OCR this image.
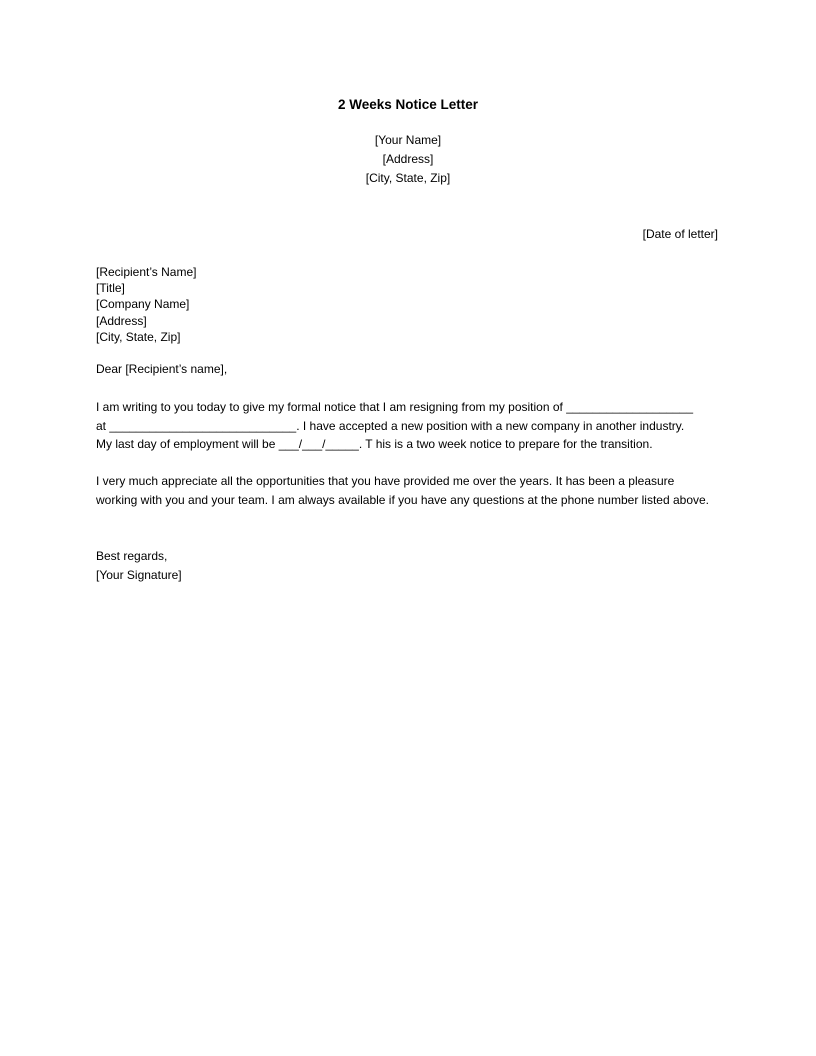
2 Weeks Notice Letter
[Your Name]
[Address]
[City, State, Zip]
[Date of letter]
[Recipient’s Name]
[Title]
[Company Name]
[Address]
[City, State, Zip]
Dear [Recipient’s name],
I am writing to you today to give my formal notice that I am resigning from my position of ___________________
at ____________________________. I have accepted a new position with a new company in another industry.
My last day of employment will be ___/___/_____. T his is a two week notice to prepare for the transition.
I very much appreciate all the opportunities that you have provided me over the years. It has been a pleasure
working with you and your team. I am always available if you have any questions at the phone number listed above.
Best regards,
[Your Signature]
